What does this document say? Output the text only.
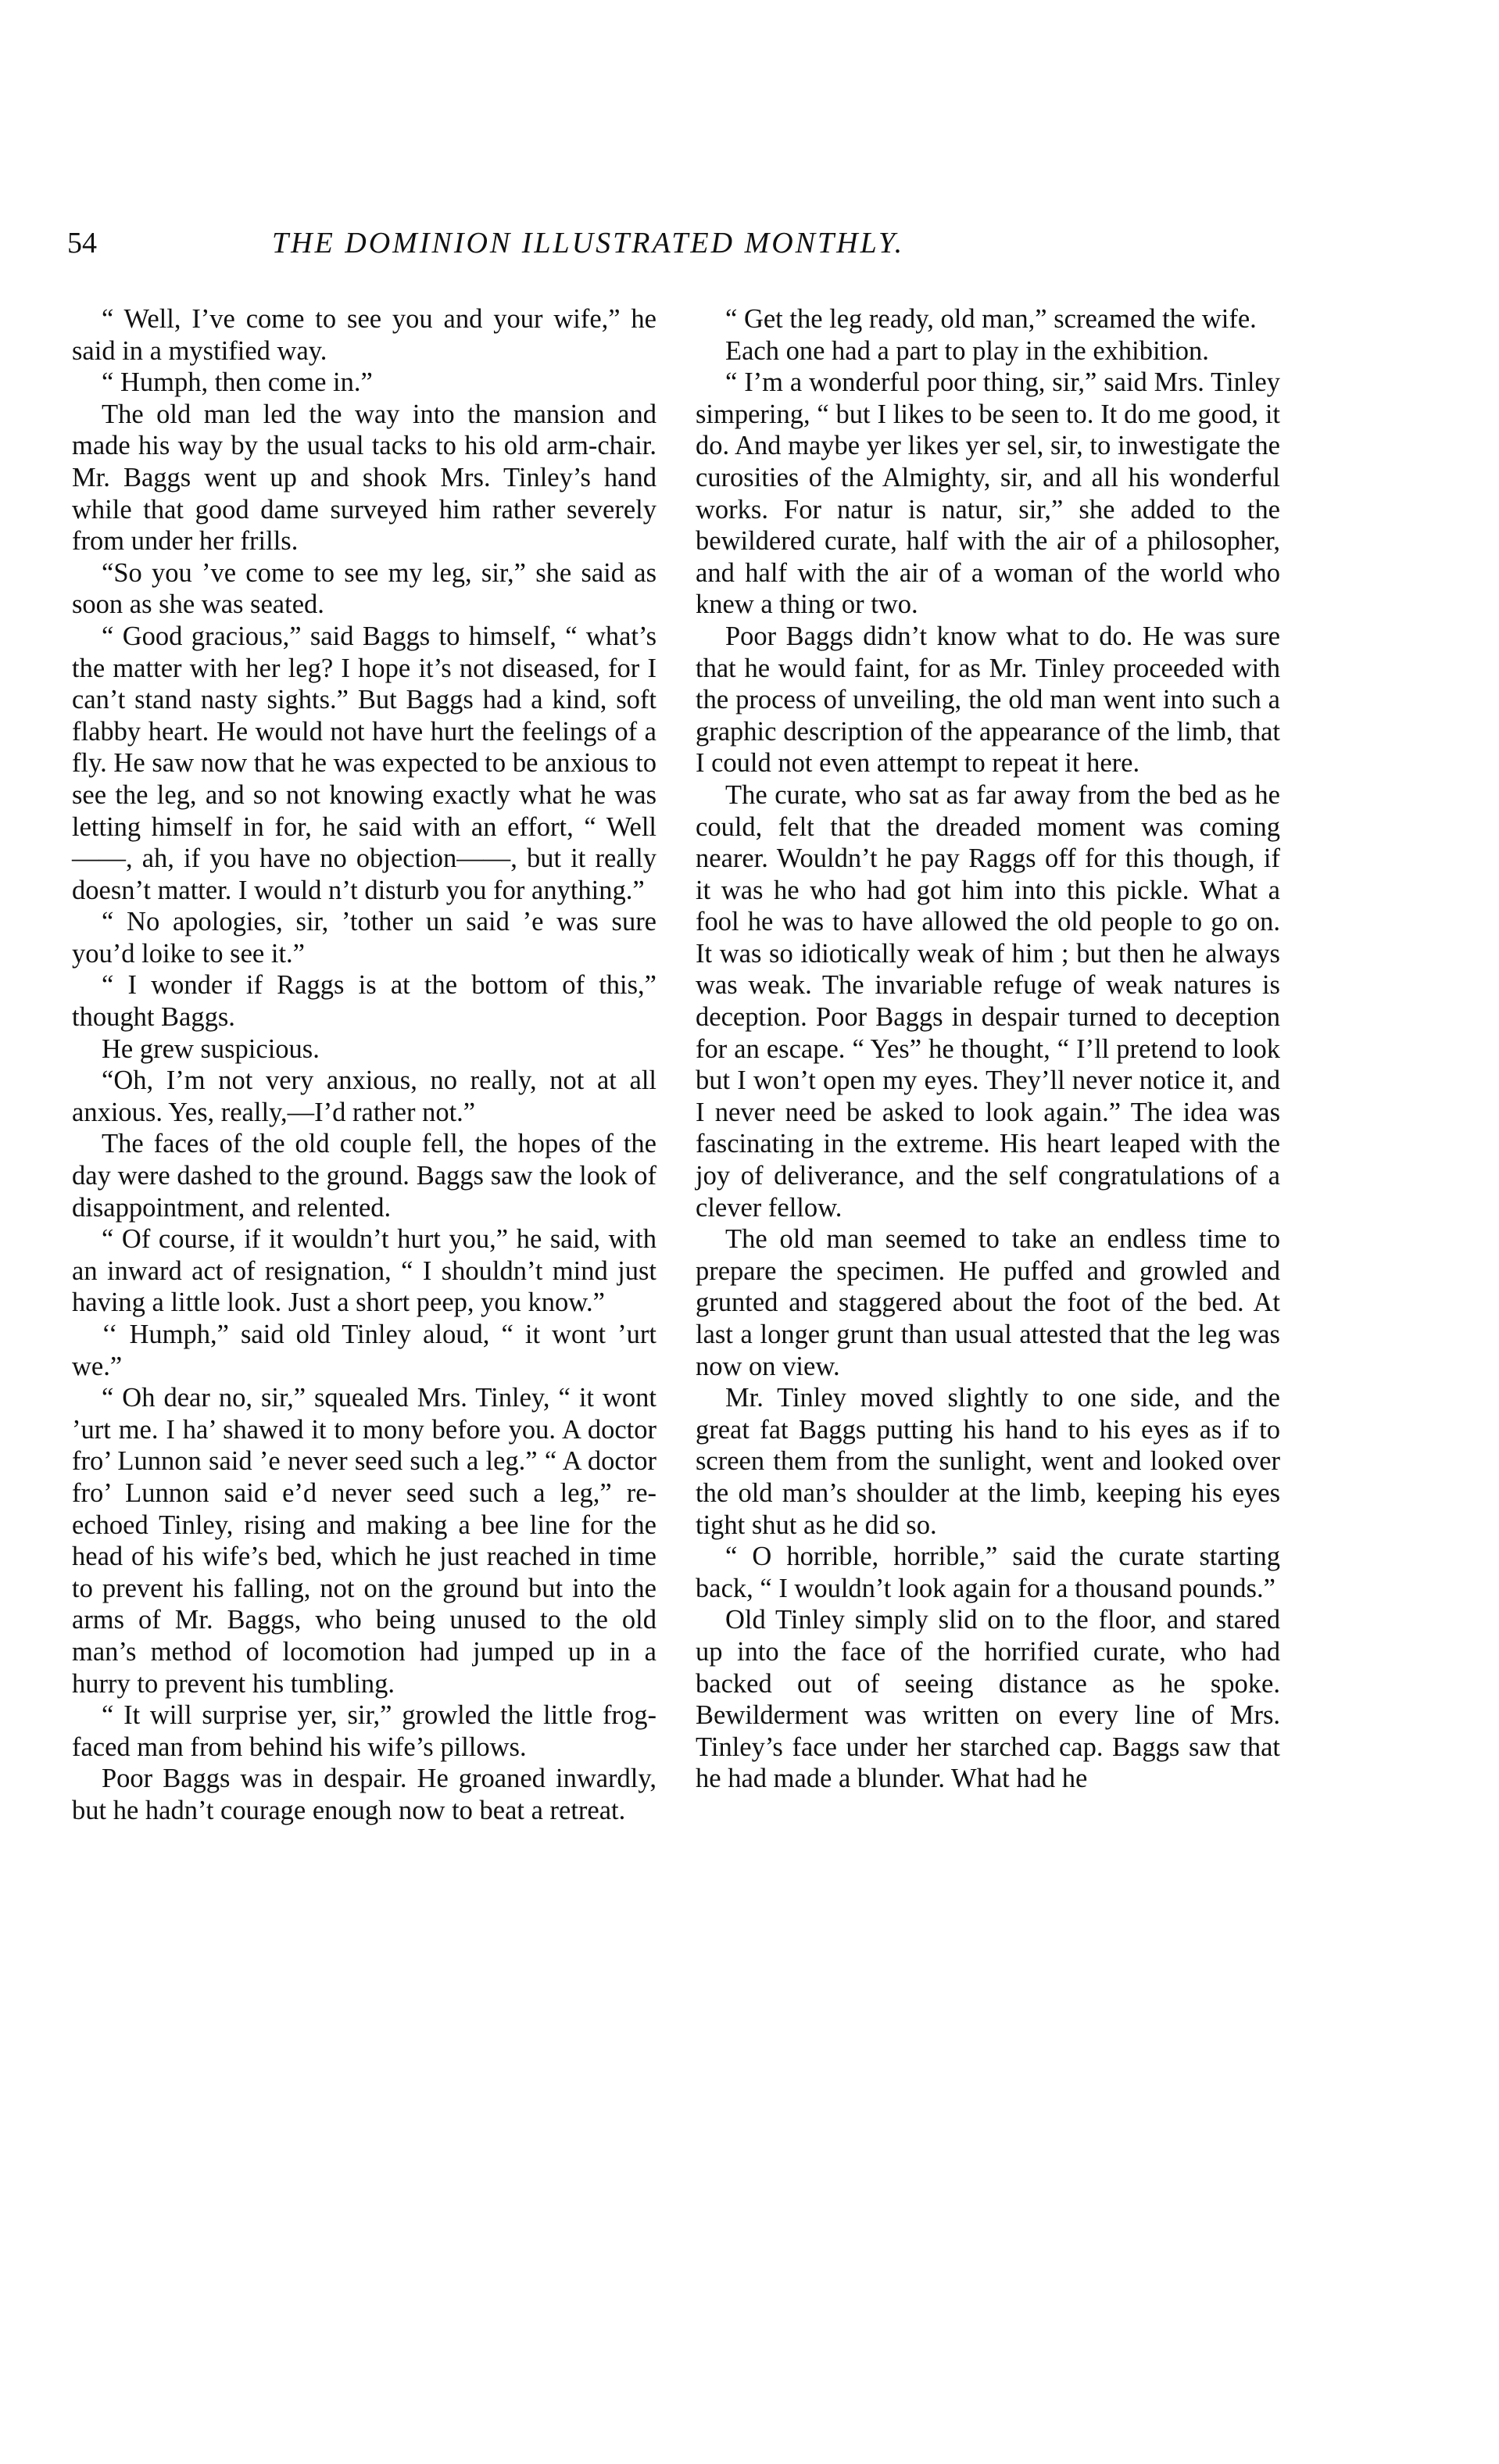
54	THE DOMINION ILLUSTRATED MONTHLY.

“ Well, I’ve come to see you and your wife,” he said in a mystified way.

“ Humph, then come in.”

The old man led the way into the mansion and made his way by the usual tacks to his old arm-chair. Mr. Baggs went up and shook Mrs. Tinley’s hand while that good dame surveyed him rather severely from under her frills.

“So you ’ve come to see my leg, sir,” she said as soon as she was seated.

“ Good gracious,” said Baggs to himself, “ what’s the matter with her leg? I hope it’s not diseased, for I can’t stand nasty sights.” But Baggs had a kind, soft flabby heart. He would not have hurt the feelings of a fly. He saw now that he was expected to be anxious to see the leg, and so not knowing exactly what he was letting himself in for, he said with an effort, “ Well——, ah, if you have no objection——, but it really doesn’t matter. I would n’t disturb you for anything.”

“ No apologies, sir, ’tother un said ’e was sure you’d loike to see it.”

“ I wonder if Raggs is at the bottom of this,” thought Baggs.

He grew suspicious.

“Oh, I’m not very anxious, no really, not at all anxious. Yes, really,—I’d rather not.”

The faces of the old couple fell, the hopes of the day were dashed to the ground. Baggs saw the look of disappointment, and relented.

“ Of course, if it wouldn’t hurt you,” he said, with an inward act of resignation, “ I shouldn’t mind just having a little look. Just a short peep, you know.”

‘‘ Humph,” said old Tinley aloud, “ it wont ’urt we.”

“ Oh dear no, sir,” squealed Mrs. Tinley, “ it wont ’urt me. I ha’ shawed it to mony before you. A doctor fro’ Lunnon said ’e never seed such a leg.” “ A doctor fro’ Lunnon said e’d never seed such a leg,” re-echoed Tinley, rising and making a bee line for the head of his wife’s bed, which he just reached in time to prevent his falling, not on the ground but into the arms of Mr. Baggs, who being unused to the old man’s method of locomotion had jumped up in a hurry to prevent his tumbling.

“ It will surprise yer, sir,” growled the little frog-faced man from behind his wife’s pillows.

Poor Baggs was in despair. He groaned inwardly, but he hadn’t courage enough now to beat a retreat.

“ Get the leg ready, old man,” screamed the wife.

Each one had a part to play in the exhibition.

“ I’m a wonderful poor thing, sir,” said Mrs. Tinley simpering, “ but I likes to be seen to. It do me good, it do. And maybe yer likes yer sel, sir, to inwestigate the curosities of the Almighty, sir, and all his wonderful works. For natur is natur, sir,” she added to the bewildered curate, half with the air of a philosopher, and half with the air of a woman of the world who knew a thing or two.

Poor Baggs didn’t know what to do. He was sure that he would faint, for as Mr. Tinley proceeded with the process of unveiling, the old man went into such a graphic description of the appearance of the limb, that I could not even attempt to repeat it here.

The curate, who sat as far away from the bed as he could, felt that the dreaded moment was coming nearer. Wouldn’t he pay Raggs off for this though, if it was he who had got him into this pickle. What a fool he was to have allowed the old people to go on. It was so idiotically weak of him ; but then he always was weak. The invariable refuge of weak natures is deception. Poor Baggs in despair turned to deception for an escape. “ Yes” he thought, “ I’ll pretend to look but I won’t open my eyes. They’ll never notice it, and I never need be asked to look again.” The idea was fascinating in the extreme. His heart leaped with the joy of deliverance, and the self congratulations of a clever fellow.

The old man seemed to take an endless time to prepare the specimen. He puffed and growled and grunted and staggered about the foot of the bed. At last a longer grunt than usual attested that the leg was now on view.

Mr. Tinley moved slightly to one side, and the great fat Baggs putting his hand to his eyes as if to screen them from the sunlight, went and looked over the old man’s shoulder at the limb, keeping his eyes tight shut as he did so.

“ O horrible, horrible,” said the curate starting back, “ I wouldn’t look again for a thousand pounds.”

Old Tinley simply slid on to the floor, and stared up into the face of the horrified curate, who had backed out of seeing distance as he spoke. Bewilderment was written on every line of Mrs. Tinley’s face under her starched cap. Baggs saw that he had made a blunder. What had he
